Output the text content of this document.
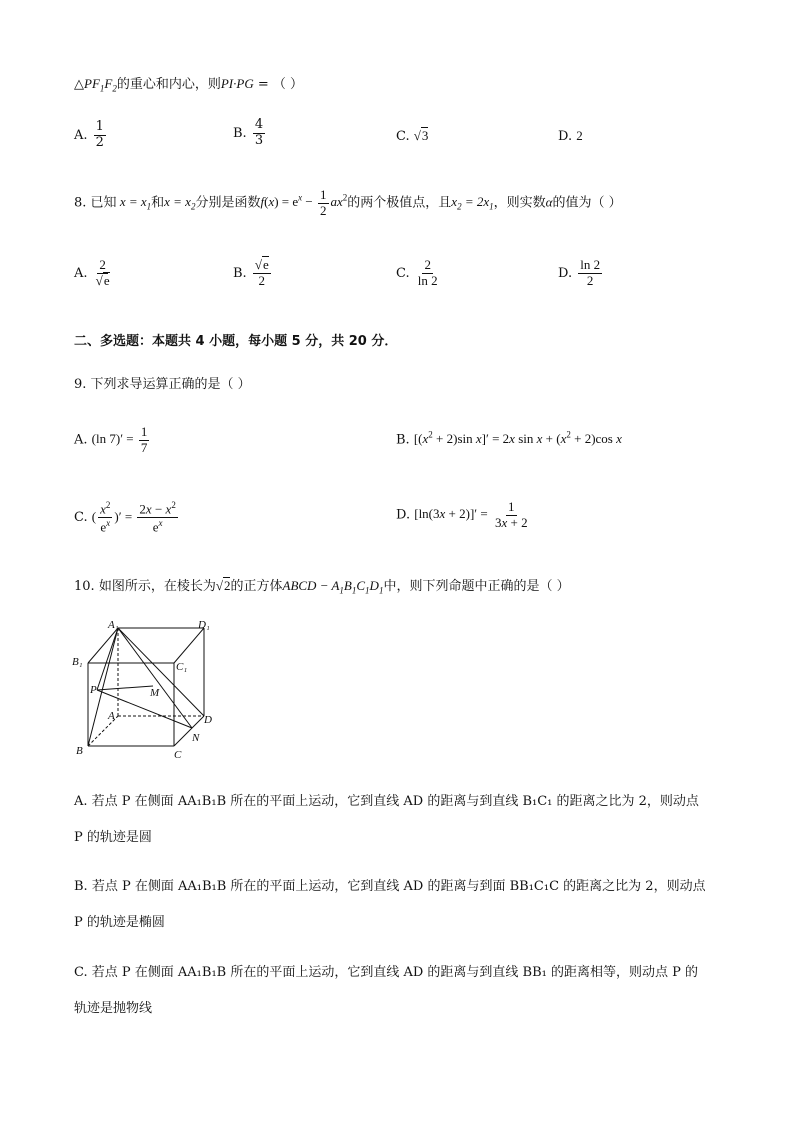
$\triangle PF_1F_2$的重心和内心，则PI·PG = （ ）
A. $\frac{1}{2}$	B. $\frac{4}{3}$	C. √3	D. 2
8. 已知 $x = x_1$和$x = x_2$分别是函数$f(x) = e^x - \frac{1}{2} ax^2$的两个极值点，且$x_2 = 2x_1$，则实数α的值为（ ）
A. $\frac{2}{√e}$	B. $\frac{√e}{2}$	C. $\frac{2}{\ln 2}$	D. $\frac{\ln 2}{2}$
二、多选题：本题共 4 小题，每小题 5 分，共 20 分．
9. 下列求导运算正确的是（ ）
A. (ln $7)' = \frac{1}{7}$	B. [$(x^2 + 2)\sin$ x]′ = 2x $\sin x + (x^2 + 2)\cos$ x
C. ( $\frac{x^2}{e^x}$ )′ = $\frac{2x - x^2}{e^x}$	D. $[\ln(3x + 2)]' = \frac{1}{3x + 2}$
10. 如图所示，在棱长为√2的正方体ABCD − $A_1B_1C_1D_1$中，则下列命题中正确的是（ ）
A₁	D₁
B₁	C₁
P	M
A	D
N
B	C
A. 若点 P 在侧面 AA₁B₁B 所在的平面上运动，它到直线 AD 的距离与到直线 B₁C₁ 的距离之比为 2，则动点
P 的轨迹是圆
B. 若点 P 在侧面 AA₁B₁B 所在的平面上运动，它到直线 AD 的距离与到面 BB₁C₁C 的距离之比为 2，则动点
P 的轨迹是椭圆
C. 若点 P 在侧面 AA₁B₁B 所在的平面上运动，它到直线 AD 的距离与到直线 BB₁ 的距离相等，则动点 P 的
轨迹是抛物线
